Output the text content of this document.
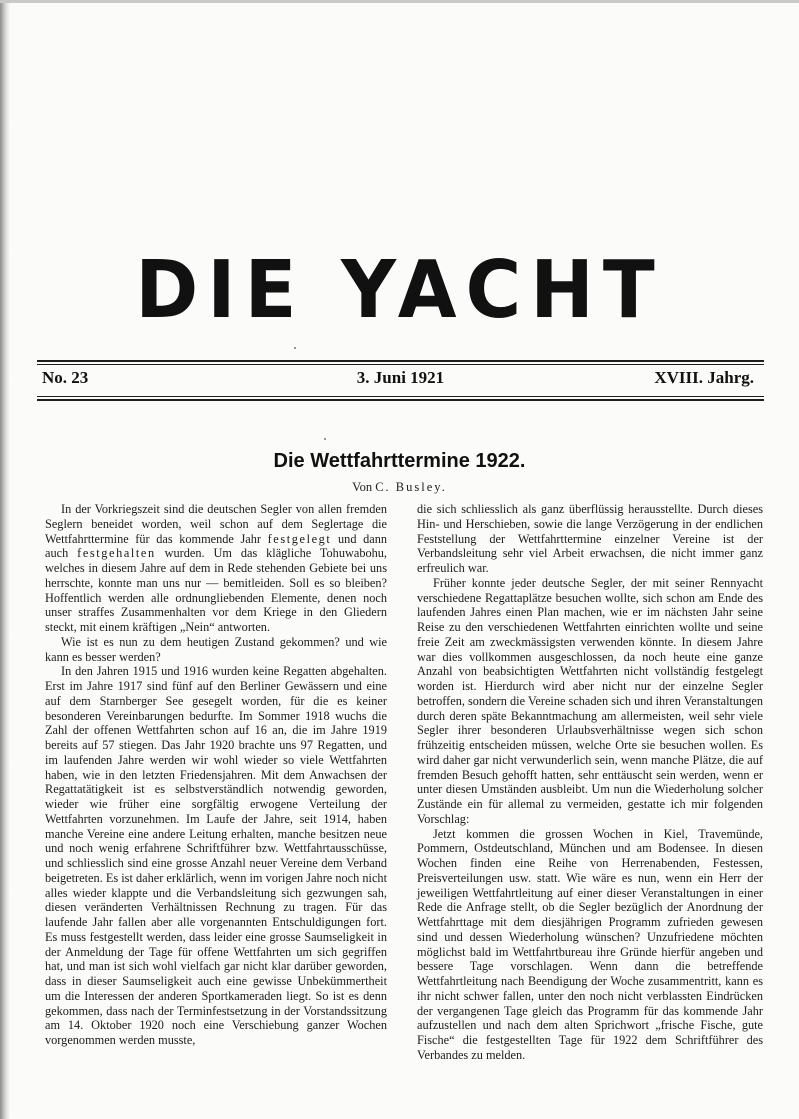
DIE YACHT
No. 23	3. Juni 1921	XVIII. Jahrg.
Die Wettfahrttermine 1922.
Von C. Busley.

In der Vorkriegszeit sind die deutschen Segler von allen fremden Seglern beneidet worden, weil schon auf dem Seglertage die Wettfahrttermine für das kommende Jahr festgelegt und dann auch festgehalten wurden. Um das klägliche Tohuwabohu, welches in diesem Jahre auf dem in Rede stehenden Gebiete bei uns herrschte, konnte man uns nur — bemitleiden. Soll es so bleiben? Hoffentlich werden alle ordnungliebenden Elemente, denen noch unser straffes Zusammenhalten vor dem Kriege in den Gliedern steckt, mit einem kräftigen „Nein“ antworten.

Wie ist es nun zu dem heutigen Zustand gekommen? und wie kann es besser werden?

In den Jahren 1915 und 1916 wurden keine Regatten abgehalten. Erst im Jahre 1917 sind fünf auf den Berliner Gewässern und eine auf dem Starnberger See gesegelt worden, für die es keiner besonderen Vereinbarungen bedurfte. Im Sommer 1918 wuchs die Zahl der offenen Wettfahrten schon auf 16 an, die im Jahre 1919 bereits auf 57 stiegen. Das Jahr 1920 brachte uns 97 Regatten, und im laufenden Jahre werden wir wohl wieder so viele Wettfahrten haben, wie in den letzten Friedensjahren. Mit dem Anwachsen der Regattatätigkeit ist es selbstverständlich notwendig geworden, wieder wie früher eine sorgfältig erwogene Verteilung der Wettfahrten vorzunehmen. Im Laufe der Jahre, seit 1914, haben manche Vereine eine andere Leitung erhalten, manche besitzen neue und noch wenig erfahrene Schriftführer bzw. Wettfahrtausschüsse, und schliesslich sind eine grosse Anzahl neuer Vereine dem Verband beigetreten. Es ist daher erklärlich, wenn im vorigen Jahre noch nicht alles wieder klappte und die Verbandsleitung sich gezwungen sah, diesen veränderten Verhältnissen Rechnung zu tragen. Für das laufende Jahr fallen aber alle vorgenannten Entschuldigungen fort. Es muss festgestellt werden, dass leider eine grosse Saumseligkeit in der Anmeldung der Tage für offene Wettfahrten um sich gegriffen hat, und man ist sich wohl vielfach gar nicht klar darüber geworden, dass in dieser Saumseligkeit auch eine gewisse Unbekümmertheit um die Interessen der anderen Sportkameraden liegt. So ist es denn gekommen, dass nach der Terminfestsetzung in der Vorstandssitzung am 14. Oktober 1920 noch eine Verschiebung ganzer Wochen vorgenommen werden musste,

die sich schliesslich als ganz überflüssig herausstellte. Durch dieses Hin- und Herschieben, sowie die lange Verzögerung in der endlichen Feststellung der Wettfahrttermine einzelner Vereine ist der Verbandsleitung sehr viel Arbeit erwachsen, die nicht immer ganz erfreulich war.

Früher konnte jeder deutsche Segler, der mit seiner Rennyacht verschiedene Regattaplätze besuchen wollte, sich schon am Ende des laufenden Jahres einen Plan machen, wie er im nächsten Jahr seine Reise zu den verschiedenen Wettfahrten einrichten wollte und seine freie Zeit am zweckmässigsten verwenden könnte. In diesem Jahre war dies vollkommen ausgeschlossen, da noch heute eine ganze Anzahl von beabsichtigten Wettfahrten nicht vollständig festgelegt worden ist. Hierdurch wird aber nicht nur der einzelne Segler betroffen, sondern die Vereine schaden sich und ihren Veranstaltungen durch deren späte Bekanntmachung am allermeisten, weil sehr viele Segler ihrer besonderen Urlaubsverhältnisse wegen sich schon frühzeitig entscheiden müssen, welche Orte sie besuchen wollen. Es wird daher gar nicht verwunderlich sein, wenn manche Plätze, die auf fremden Besuch gehofft hatten, sehr enttäuscht sein werden, wenn er unter diesen Umständen ausbleibt. Um nun die Wiederholung solcher Zustände ein für allemal zu vermeiden, gestatte ich mir folgenden Vorschlag:

Jetzt kommen die grossen Wochen in Kiel, Travemünde, Pommern, Ostdeutschland, München und am Bodensee. In diesen Wochen finden eine Reihe von Herrenabenden, Festessen, Preisverteilungen usw. statt. Wie wäre es nun, wenn ein Herr der jeweiligen Wettfahrtleitung auf einer dieser Veranstaltungen in einer Rede die Anfrage stellt, ob die Segler bezüglich der Anordnung der Wettfahrttage mit dem diesjährigen Programm zufrieden gewesen sind und dessen Wiederholung wünschen? Unzufriedene möchten möglichst bald im Wettfahrtbureau ihre Gründe hierfür angeben und bessere Tage vorschlagen. Wenn dann die betreffende Wettfahrtleitung nach Beendigung der Woche zusammentritt, kann es ihr nicht schwer fallen, unter den noch nicht verblassten Eindrücken der vergangenen Tage gleich das Programm für das kommende Jahr aufzustellen und nach dem alten Sprichwort „frische Fische, gute Fische“ die festgestellten Tage für 1922 dem Schriftführer des Verbandes zu melden.
